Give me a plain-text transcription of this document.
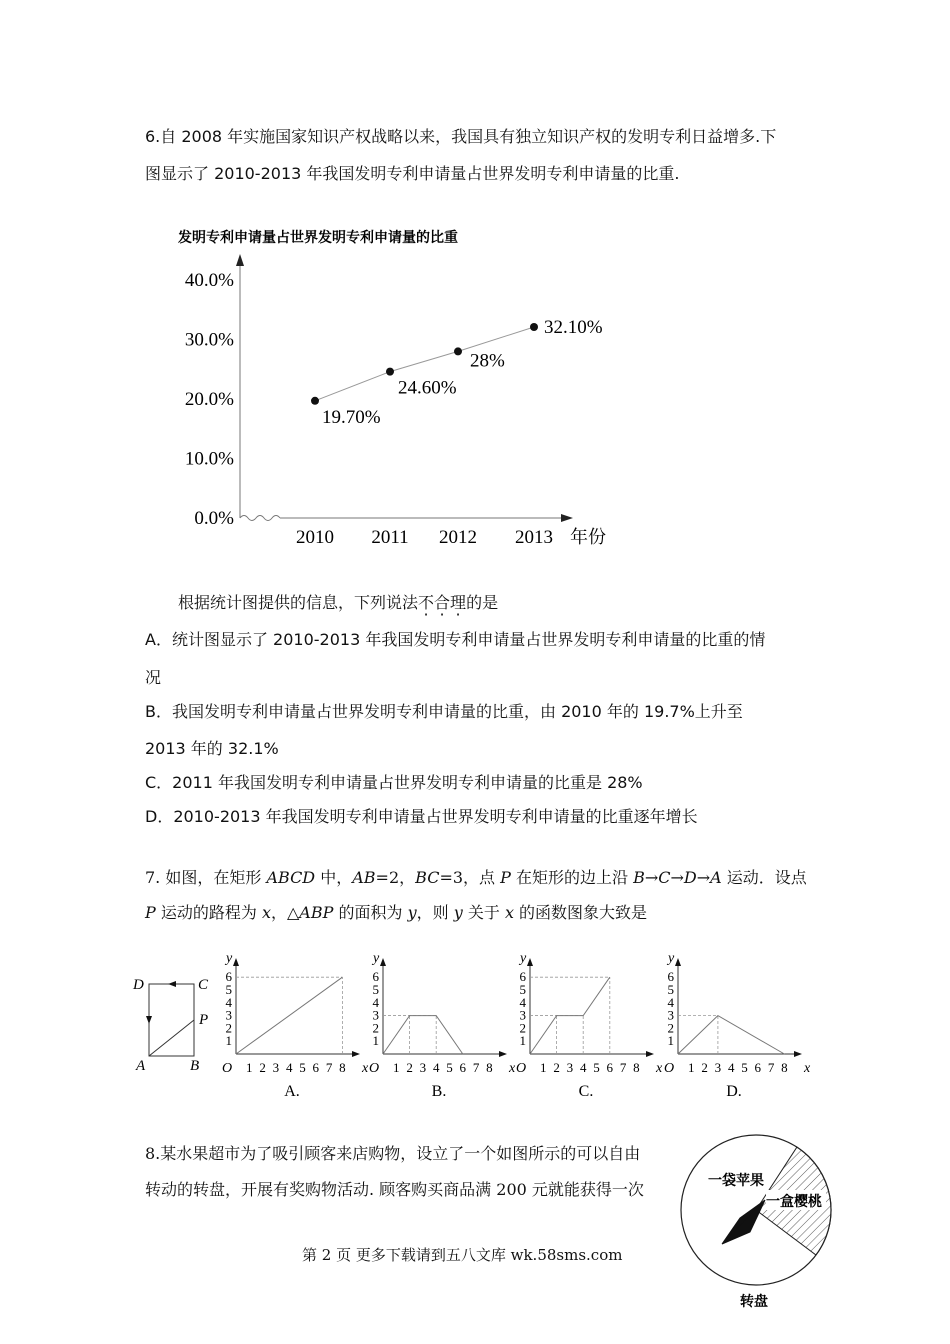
6.自 2008 年实施国家知识产权战略以来，我国具有独立知识产权的发明专利日益增多.下
图显示了 2010-2013 年我国发明专利申请量占世界发明专利申请量的比重.
发明专利申请量占世界发明专利申请量的比重
0.0%
10.0%
20.0%
30.0%
40.0%
2010 2011 2012 2013 年份
19.70%
24.60%
28%
32.10%
根据统计图提供的信息，下列说法不合理的是
A．统计图显示了 2010-2013 年我国发明专利申请量占世界发明专利申请量的比重的情
况
B．我国发明专利申请量占世界发明专利申请量的比重，由 2010 年的 19.7%上升至
2013 年的 32.1%
C．2011 年我国发明专利申请量占世界发明专利申请量的比重是 28%
D．2010-2013 年我国发明专利申请量占世界发明专利申请量的比重逐年增长
7. 如图，在矩形 ABCD 中，AB=2，BC=3，点 P 在矩形的边上沿 B→C→D→A 运动．设点
P 运动的路程为 x，△ABP 的面积为 y，则 y 关于 x 的函数图象大致是
D	C
P
A	B
y
x
O
1
2
3
4
5
6
1 2 3 4 5 6 7 8
A.
y
x
O
1
2
3
4
5
6
1 2 3 4 5 6 7 8
B.
y
x
O
1
2
3
4
5
6
1 2 3 4 5 6 7 8
C.
y
x
O
1
2
3
4
5
6
1 2 3 4 5 6 7 8
D.
8.某水果超市为了吸引顾客来店购物，设立了一个如图所示的可以自由
转动的转盘，开展有奖购物活动. 顾客购买商品满 200 元就能获得一次	一袋苹果
一盒樱桃
转盘
第 2 页 更多下载请到五八文库 wk.58sms.com
